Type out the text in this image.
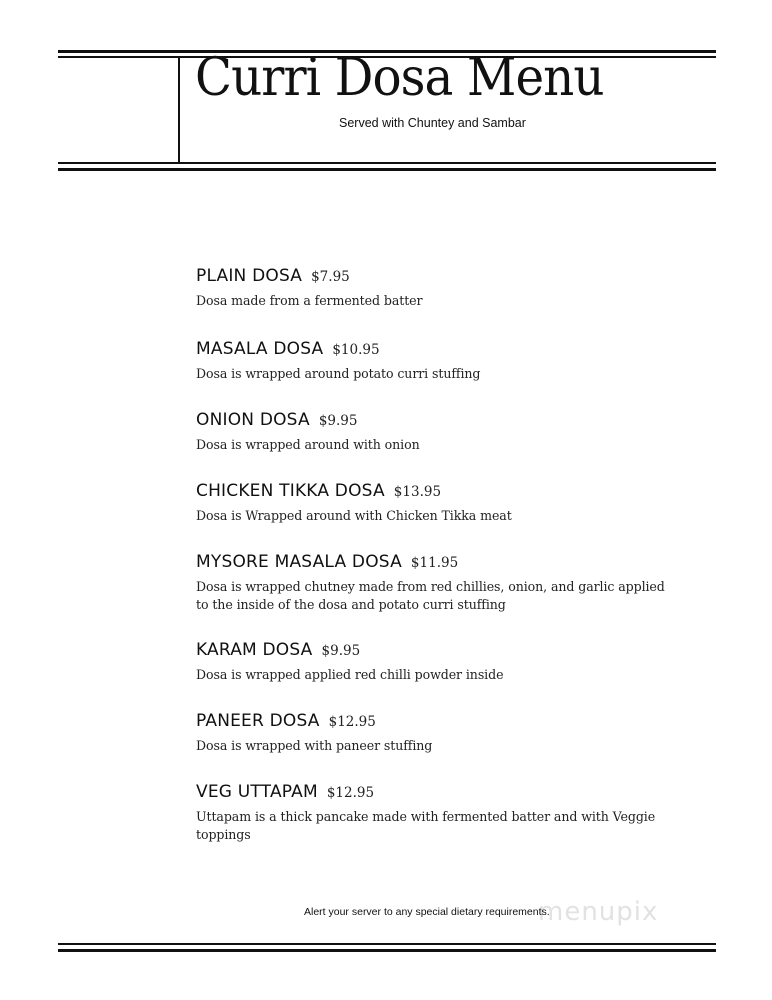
Curri Dosa Menu

Served with Chuntey and Sambar

PLAIN DOSA $7.95
Dosa made from a fermented batter
MASALA DOSA $10.95
Dosa is wrapped around potato curri stuffing
ONION DOSA $9.95
Dosa is wrapped around with onion
CHICKEN TIKKA DOSA $13.95
Dosa is Wrapped around with Chicken Tikka meat
MYSORE MASALA DOSA $11.95
Dosa is wrapped chutney made from red chillies, onion, and garlic applied to the inside of the dosa and potato curri stuffing
KARAM DOSA $9.95
Dosa is wrapped applied red chilli powder inside
PANEER DOSA $12.95
Dosa is wrapped with paneer stuffing
VEG UTTAPAM $12.95
Uttapam is a thick pancake made with fermented batter and with Veggie toppings
menupix
Alert your server to any special dietary requirements.
